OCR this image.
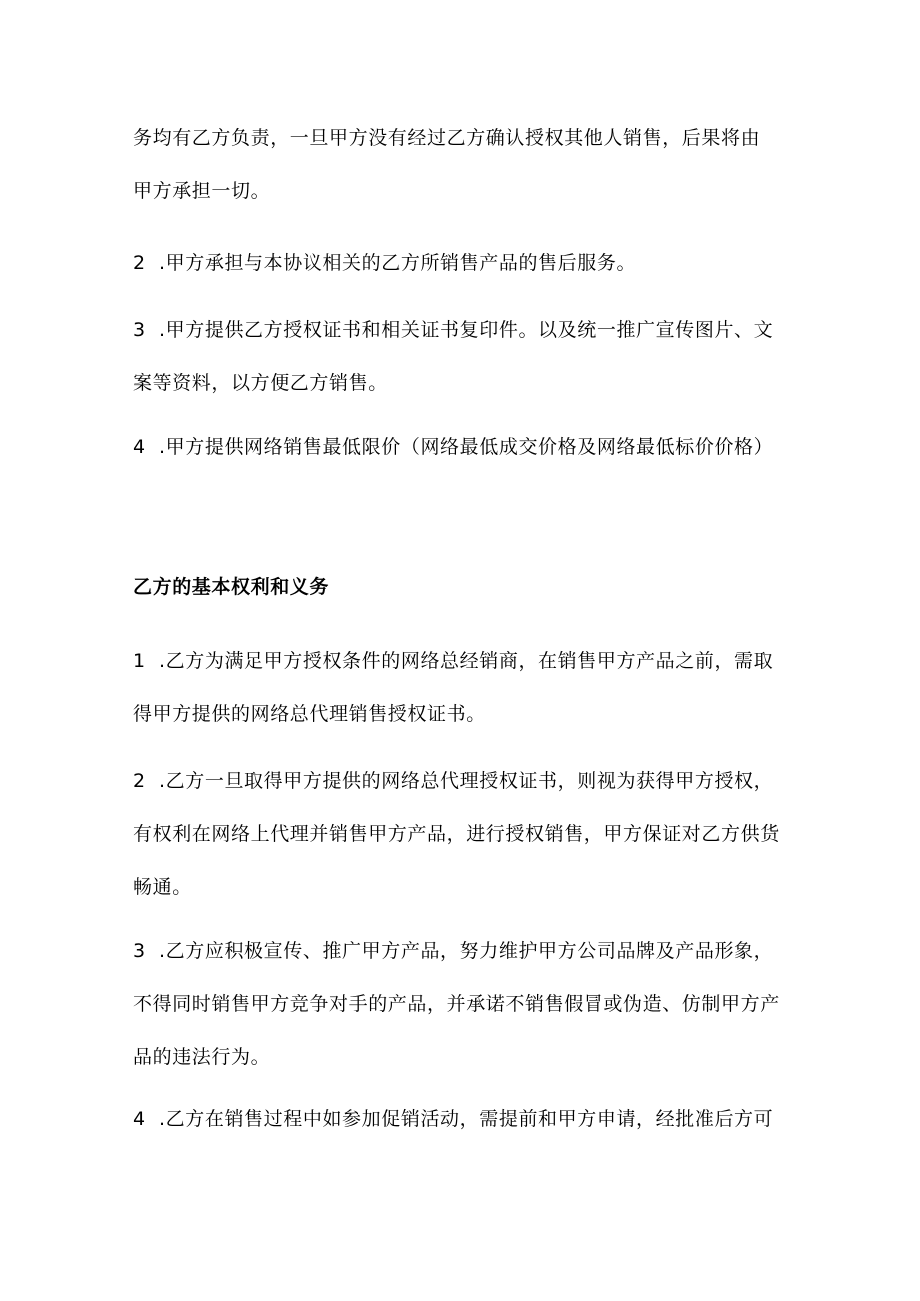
务均有乙方负责，一旦甲方没有经过乙方确认授权其他人销售，后果将由
甲方承担一切。
2 .甲方承担与本协议相关的乙方所销售产品的售后服务。
3 .甲方提供乙方授权证书和相关证书复印件。以及统一推广宣传图片、文
案等资料，以方便乙方销售。
4 .甲方提供网络销售最低限价（网络最低成交价格及网络最低标价价格）
乙方的基本权利和义务
1 .乙方为满足甲方授权条件的网络总经销商，在销售甲方产品之前，需取
得甲方提供的网络总代理销售授权证书。
2 .乙方一旦取得甲方提供的网络总代理授权证书，则视为获得甲方授权，
有权利在网络上代理并销售甲方产品，进行授权销售，甲方保证对乙方供货
畅通。
3 .乙方应积极宣传、推广甲方产品，努力维护甲方公司品牌及产品形象，
不得同时销售甲方竞争对手的产品，并承诺不销售假冒或伪造、仿制甲方产
品的违法行为。
4 .乙方在销售过程中如参加促销活动，需提前和甲方申请，经批准后方可
